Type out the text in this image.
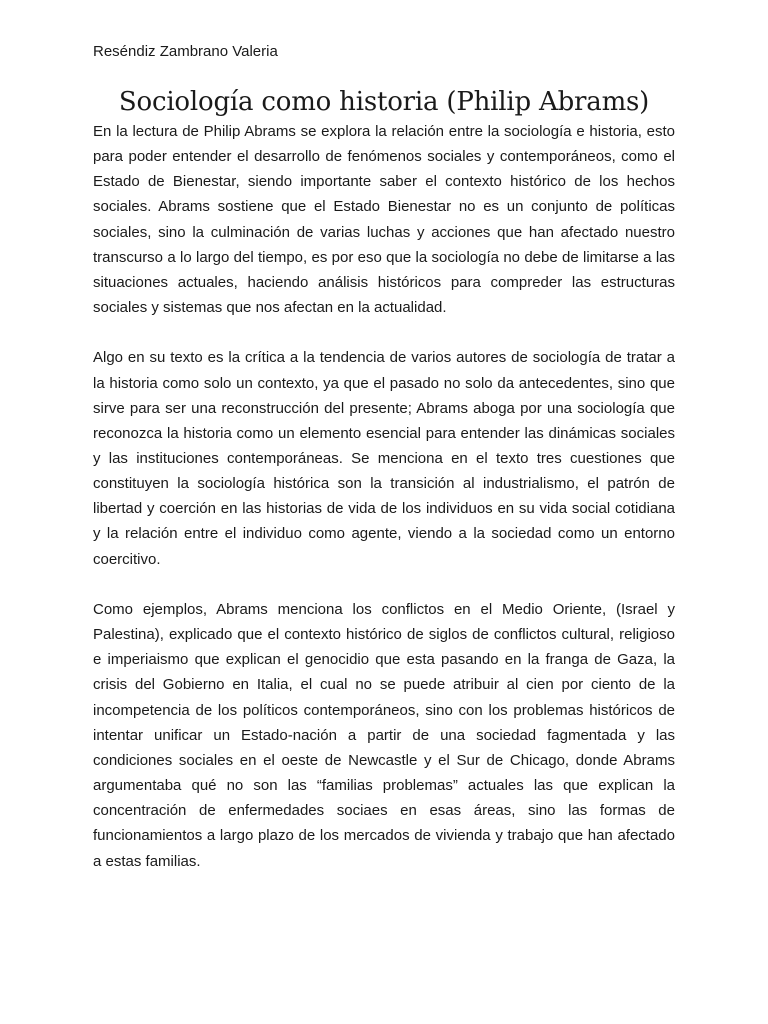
Reséndiz Zambrano Valeria
Sociología como historia (Philip Abrams)

En la lectura de Philip Abrams se explora la relación entre la sociología e historia, esto para poder entender el desarrollo de fenómenos sociales y contemporáneos, como el Estado de Bienestar, siendo importante saber el contexto histórico de los hechos sociales. Abrams sostiene que el Estado Bienestar no es un conjunto de políticas sociales, sino la culminación de varias luchas y acciones que han afectado nuestro transcurso a lo largo del tiempo, es por eso que la sociología no debe de limitarse a las situaciones actuales, haciendo análisis históricos para compreder las estructuras sociales y sistemas que nos afectan en la actualidad.

Algo en su texto es la crítica a la tendencia de varios autores de sociología de tratar a la historia como solo un contexto, ya que el pasado no solo da antecedentes, sino que sirve para ser una reconstrucción del presente; Abrams aboga por una sociología que reconozca la historia como un elemento esencial para entender las dinámicas sociales y las instituciones contemporáneas. Se menciona en el texto tres cuestiones que constituyen la sociología histórica son la transición al industrialismo, el patrón de libertad y coerción en las historias de vida de los individuos en su vida social cotidiana y la relación entre el individuo como agente, viendo a la sociedad como un entorno coercitivo.

Como ejemplos, Abrams menciona los conflictos en el Medio Oriente, (Israel y Palestina), explicado que el contexto histórico de siglos de conflictos cultural, religioso e imperiaismo que explican el genocidio que esta pasando en la franga de Gaza, la crisis del Gobierno en Italia, el cual no se puede atribuir al cien por ciento de la incompetencia de los políticos contemporáneos, sino con los problemas históricos de intentar unificar un Estado-nación a partir de una sociedad fagmentada y las condiciones sociales en el oeste de Newcastle y el Sur de Chicago, donde Abrams argumentaba qué no son las “familias problemas” actuales las que explican la concentración de enfermedades sociaes en esas áreas, sino las formas de funcionamientos a largo plazo de los mercados de vivienda y trabajo que han afectado a estas familias.
